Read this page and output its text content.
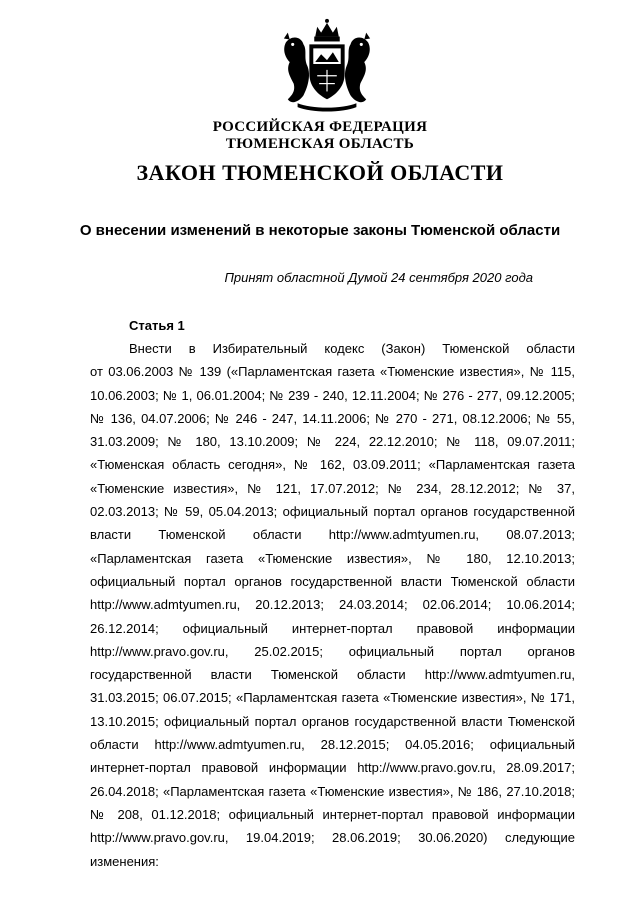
РОССИЙСКАЯ ФЕДЕРАЦИЯ
ТЮМЕНСКАЯ ОБЛАСТЬ
ЗАКОН ТЮМЕНСКОЙ ОБЛАСТИ
О внесении изменений в некоторые законы Тюменской области
Принят областной Думой 24 сентября 2020 года
Статья 1
Внести в Избирательный кодекс (Закон) Тюменской области
от 03.06.2003 № 139 («Парламентская газета «Тюменские известия», № 115,
10.06.2003; № 1, 06.01.2004; № 239 - 240, 12.11.2004; № 276 - 277, 09.12.2005;
№ 136, 04.07.2006; № 246 - 247, 14.11.2006; № 270 - 271, 08.12.2006; № 55,
31.03.2009; № 180, 13.10.2009; № 224, 22.12.2010; № 118, 09.07.2011;
«Тюменская область сегодня», № 162, 03.09.2011; «Парламентская газета
«Тюменские известия», № 121, 17.07.2012; № 234, 28.12.2012; № 37,
02.03.2013; № 59, 05.04.2013; официальный портал органов государственной
власти Тюменской области http://www.admtyumen.ru, 08.07.2013;
«Парламентская газета «Тюменские известия», № 180, 12.10.2013;
официальный портал органов государственной власти Тюменской области
http://www.admtyumen.ru, 20.12.2013; 24.03.2014; 02.06.2014; 10.06.2014;
26.12.2014; официальный интернет-портал правовой информации
http://www.pravo.gov.ru, 25.02.2015; официальный портал органов
государственной власти Тюменской области http://www.admtyumen.ru,
31.03.2015; 06.07.2015; «Парламентская газета «Тюменские известия», № 171,
13.10.2015; официальный портал органов государственной власти Тюменской
области http://www.admtyumen.ru, 28.12.2015; 04.05.2016; официальный
интернет-портал правовой информации http://www.pravo.gov.ru, 28.09.2017;
26.04.2018; «Парламентская газета «Тюменские известия», № 186, 27.10.2018;
№ 208, 01.12.2018; официальный интернет-портал правовой информации
http://www.pravo.gov.ru, 19.04.2019; 28.06.2019; 30.06.2020) следующие
изменения:
